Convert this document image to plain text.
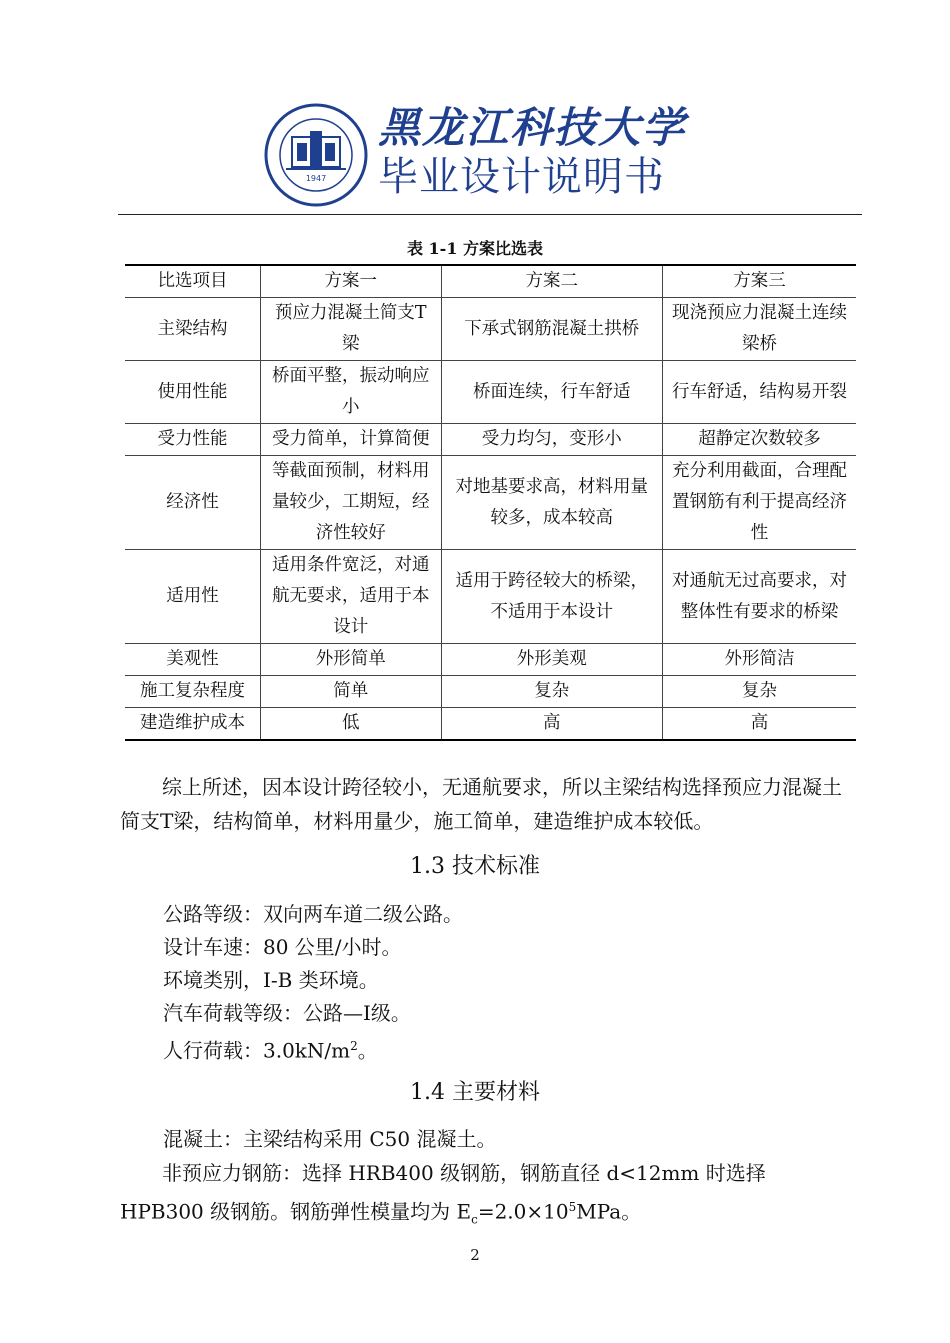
1947
黑龙江科技大学
毕业设计说明书
表 1-1 方案比选表
比选项目	方案一	方案二	方案三
主梁结构	预应力混凝土简支T梁	下承式钢筋混凝土拱桥	现浇预应力混凝土连续梁桥
使用性能	桥面平整，振动响应小	桥面连续，行车舒适	行车舒适，结构易开裂
受力性能	受力简单，计算简便	受力均匀，变形小	超静定次数较多
经济性	等截面预制，材料用量较少，工期短，经济性较好	对地基要求高，材料用量较多，成本较高	充分利用截面，合理配置钢筋有利于提高经济性
适用性	适用条件宽泛，对通航无要求，适用于本设计	适用于跨径较大的桥梁，不适用于本设计	对通航无过高要求，对整体性有要求的桥梁
美观性	外形简单	外形美观	外形简洁
施工复杂程度	简单	复杂	复杂
建造维护成本	低	高	高
综上所述，因本设计跨径较小，无通航要求，所以主梁结构选择预应力混凝土简支T梁，结构简单，材料用量少，施工简单，建造维护成本较低。
1.3 技术标准
公路等级：双向两车道二级公路。
设计车速：80 公里/小时。
环境类别，Ⅰ-B 类环境。
汽车荷载等级：公路—Ⅰ级。
人行荷载：$3.0kN/m^2$。
1.4 主要材料
混凝土：主梁结构采用 C50 混凝土。
非预应力钢筋：选择 HRB400 级钢筋，钢筋直径 d<12mm 时选择 HPB300 级钢筋。钢筋弹性模量均为 $E_c=2.0\times 10^5MPa$。
2
